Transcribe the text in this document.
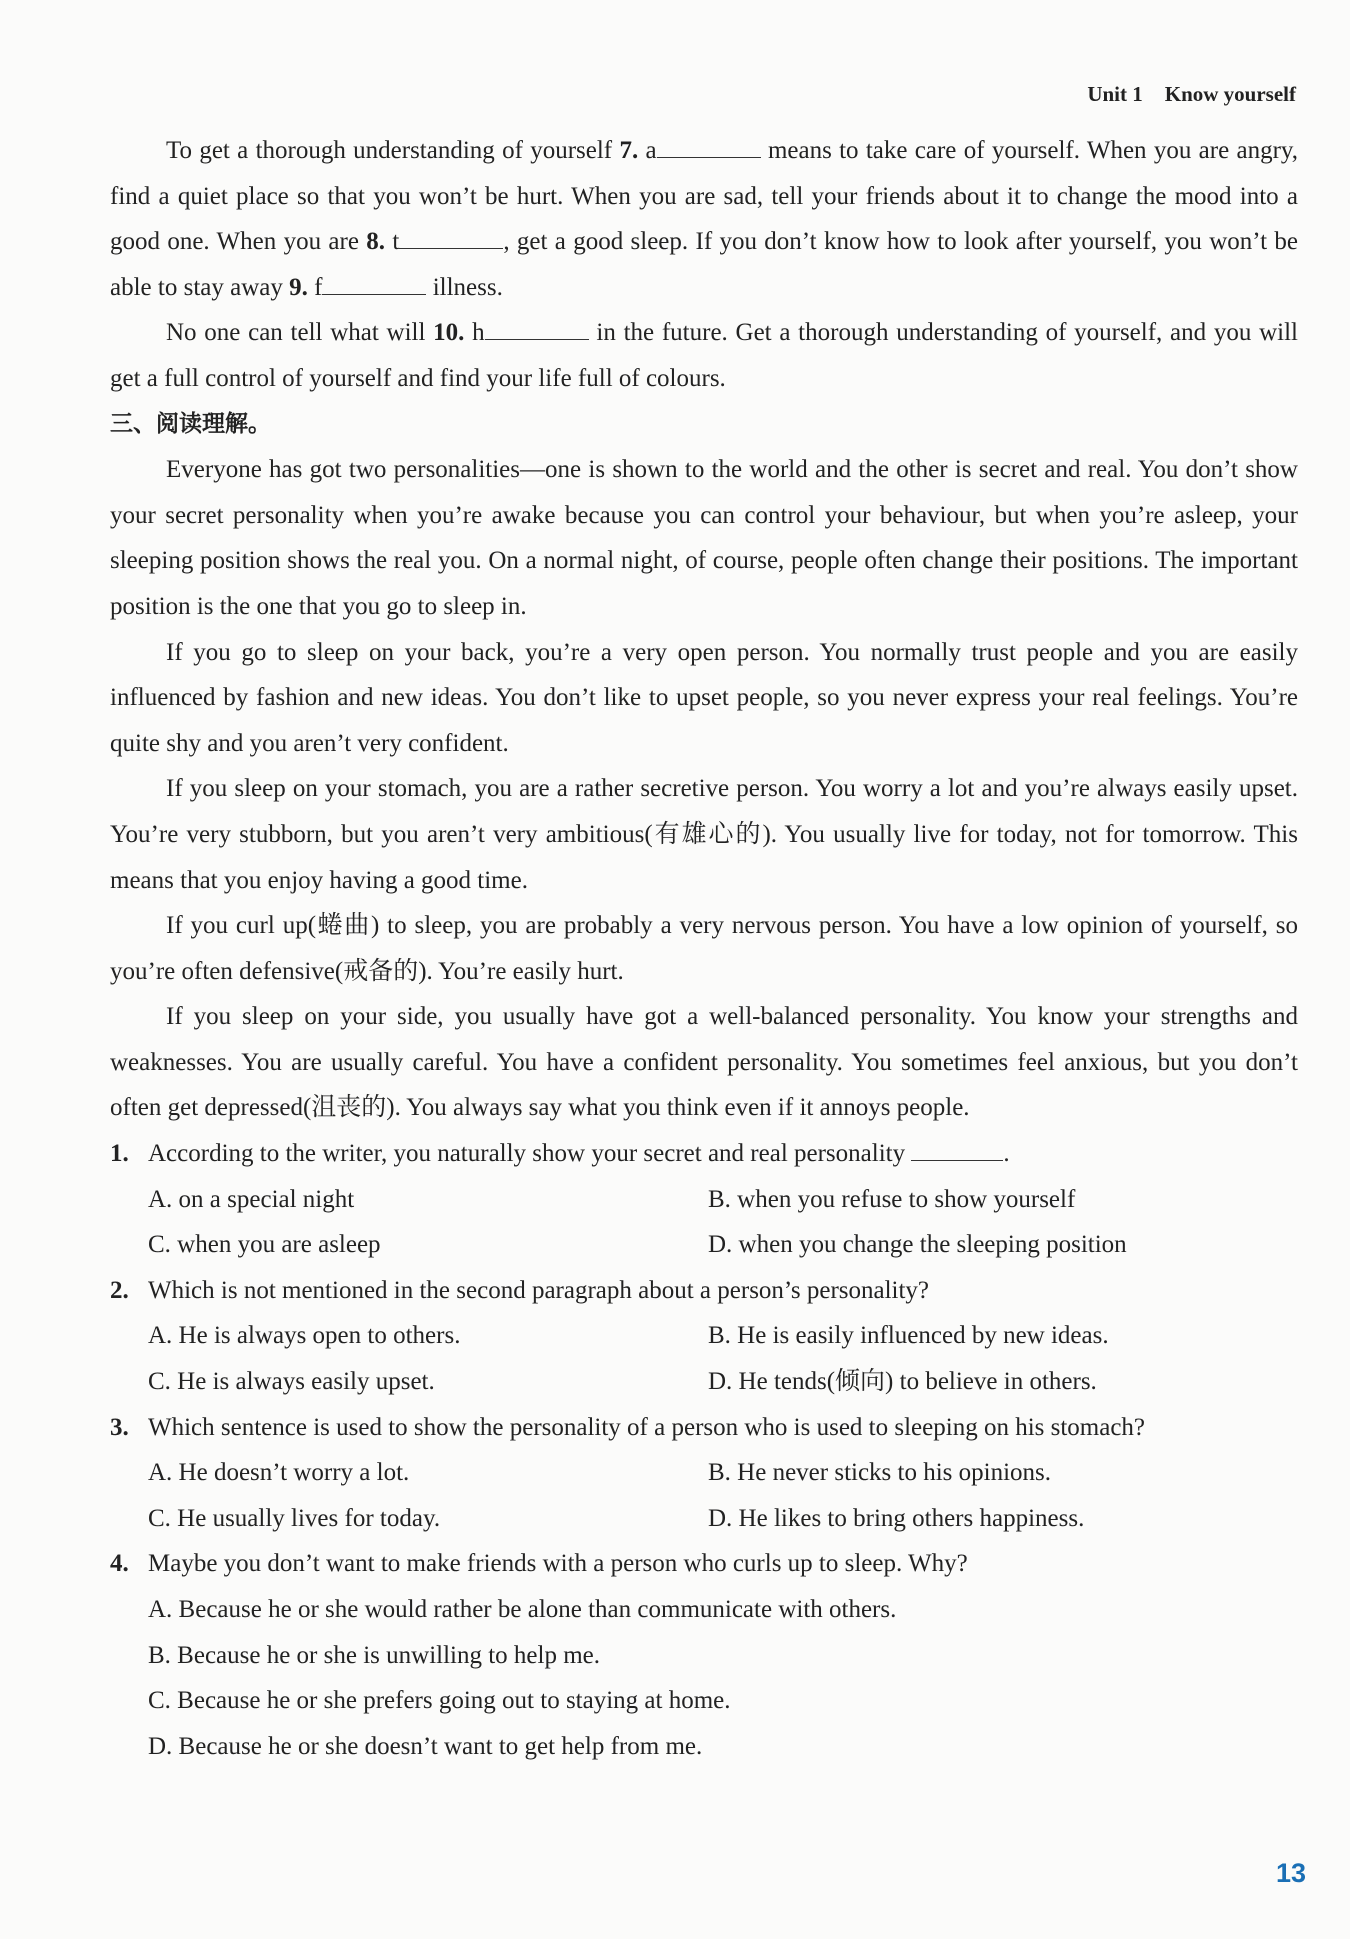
Unit 1 Know yourself

To get a thorough understanding of yourself 7. a	means to take care of yourself. When you are angry, find a quiet place so that you won’t be hurt. When you are sad, tell your friends about it to change the mood into a good one. When you are 8. t	, get a good sleep. If you don’t know how to look after yourself, you won’t be able to stay away 9. f	illness.

No one can tell what will 10. h	in the future. Get a thorough understanding of yourself, and you will get a full control of yourself and find your life full of colours.

三、阅读理解。

Everyone has got two personalities—one is shown to the world and the other is secret and real. You don’t show your secret personality when you’re awake because you can control your behaviour, but when you’re asleep, your sleeping position shows the real you. On a normal night, of course, people often change their positions. The important position is the one that you go to sleep in.

If you go to sleep on your back, you’re a very open person. You normally trust people and you are easily influenced by fashion and new ideas. You don’t like to upset people, so you never express your real feelings. You’re quite shy and you aren’t very confident.

If you sleep on your stomach, you are a rather secretive person. You worry a lot and you’re always easily upset. You’re very stubborn, but you aren’t very ambitious(有雄心的). You usually live for today, not for tomorrow. This means that you enjoy having a good time.

If you curl up(蜷曲) to sleep, you are probably a very nervous person. You have a low opinion of yourself, so you’re often defensive(戒备的). You’re easily hurt.

If you sleep on your side, you usually have got a well-balanced personality. You know your strengths and weaknesses. You are usually careful. You have a confident personality. You sometimes feel anxious, but you don’t often get depressed(沮丧的). You always say what you think even if it annoys people.

1. According to the writer, you naturally show your secret and real personality	.

A. on a special night	B. when you refuse to show yourself
C. when you are asleep	D. when you change the sleeping position

2. Which is not mentioned in the second paragraph about a person’s personality?

A. He is always open to others.	B. He is easily influenced by new ideas.
C. He is always easily upset.	D. He tends(倾向) to believe in others.

3. Which sentence is used to show the personality of a person who is used to sleeping on his stomach?

A. He doesn’t worry a lot.	B. He never sticks to his opinions.
C. He usually lives for today.	D. He likes to bring others happiness.

4. Maybe you don’t want to make friends with a person who curls up to sleep. Why?

A. Because he or she would rather be alone than communicate with others.
B. Because he or she is unwilling to help me.
C. Because he or she prefers going out to staying at home.
D. Because he or she doesn’t want to get help from me.
13
